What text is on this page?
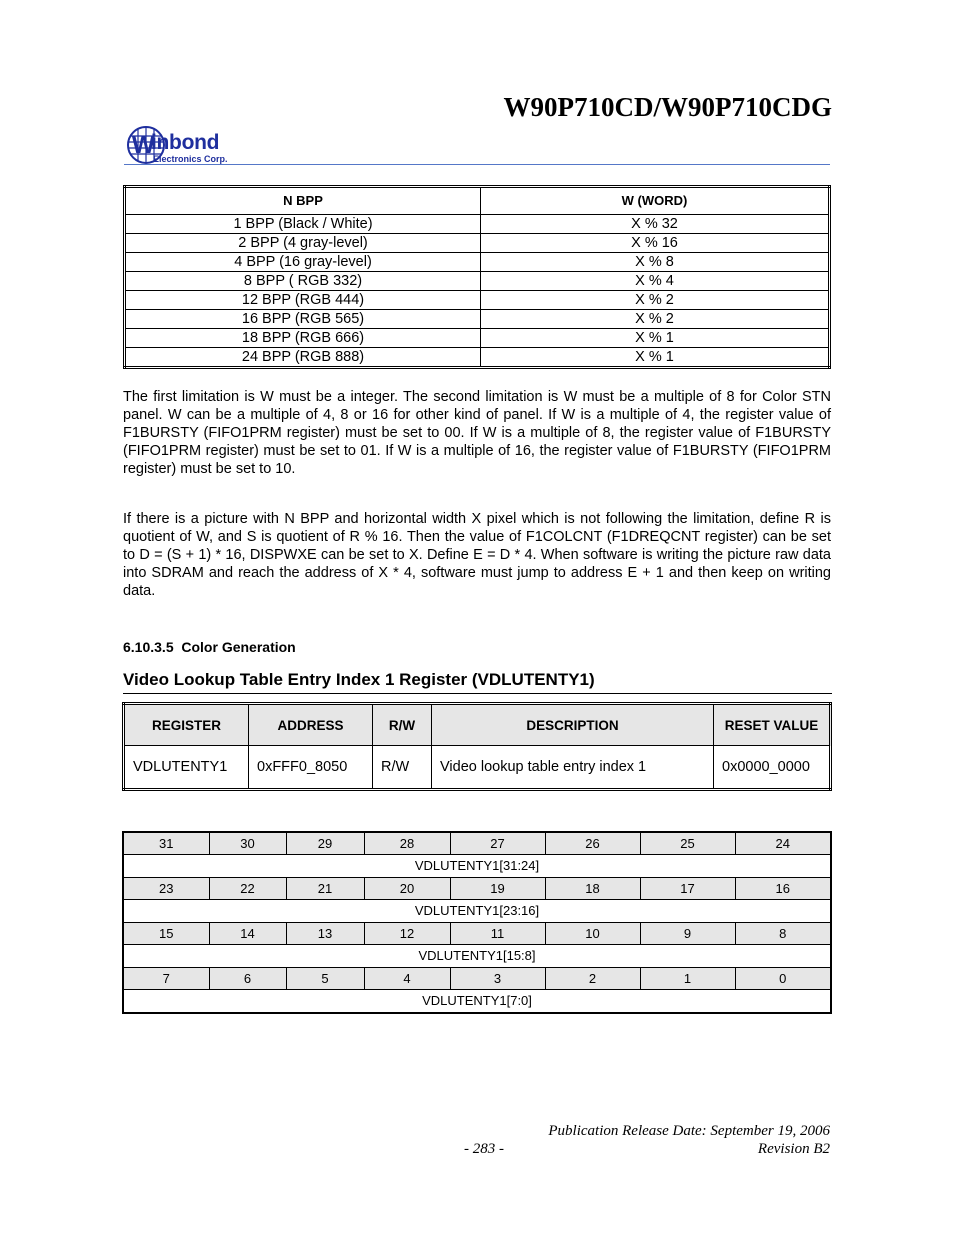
W90P710CD/W90P710CDG
W
inbond
Electronics Corp.
N BPP	W (WORD)
1 BPP (Black / White)	X % 32
2 BPP (4 gray-level)	X % 16
4 BPP (16 gray-level)	X % 8
8 BPP ( RGB 332)	X % 4
12 BPP (RGB 444)	X % 2
16 BPP (RGB 565)	X % 2
18 BPP (RGB 666)	X % 1
24 BPP (RGB 888)	X % 1
The first limitation is W must be a integer. The second limitation is W must be a multiple of 8 for Color STN panel. W can be a multiple of 4, 8 or 16 for other kind of panel. If W is a multiple of 4, the register value of F1BURSTY (FIFO1PRM register) must be set to 00. If W is a multiple of 8, the register value of F1BURSTY (FIFO1PRM register) must be set to 01. If W is a multiple of 16, the register value of F1BURSTY (FIFO1PRM register) must be set to 10.
If there is a picture with N BPP and horizontal width X pixel which is not following the limitation, define R is quotient of W, and S is quotient of R % 16. Then the value of F1COLCNT (F1DREQCNT register) can be set to D = (S + 1) * 16, DISPWXE can be set to X. Define E = D * 4. When software is writing the picture raw data into SDRAM and reach the address of X * 4, software must jump to address E + 1 and then keep on writing data.
6.10.3.5  Color Generation
Video Lookup Table Entry Index 1 Register (VDLUTENTY1)
REGISTER	ADDRESS	R/W	DESCRIPTION	RESET VALUE
VDLUTENTY1	0xFFF0_8050	R/W	Video lookup table entry index 1	0x0000_0000
31	30	29	28	27	26	25	24
VDLUTENTY1[31:24]							
23	22	21	20	19	18	17	16
VDLUTENTY1[23:16]							
15	14	13	12	11	10	9	8
VDLUTENTY1[15:8]							
7	6	5	4	3	2	1	0
VDLUTENTY1[7:0]							
Publication Release Date: September 19, 2006
- 283 -	Revision B2
